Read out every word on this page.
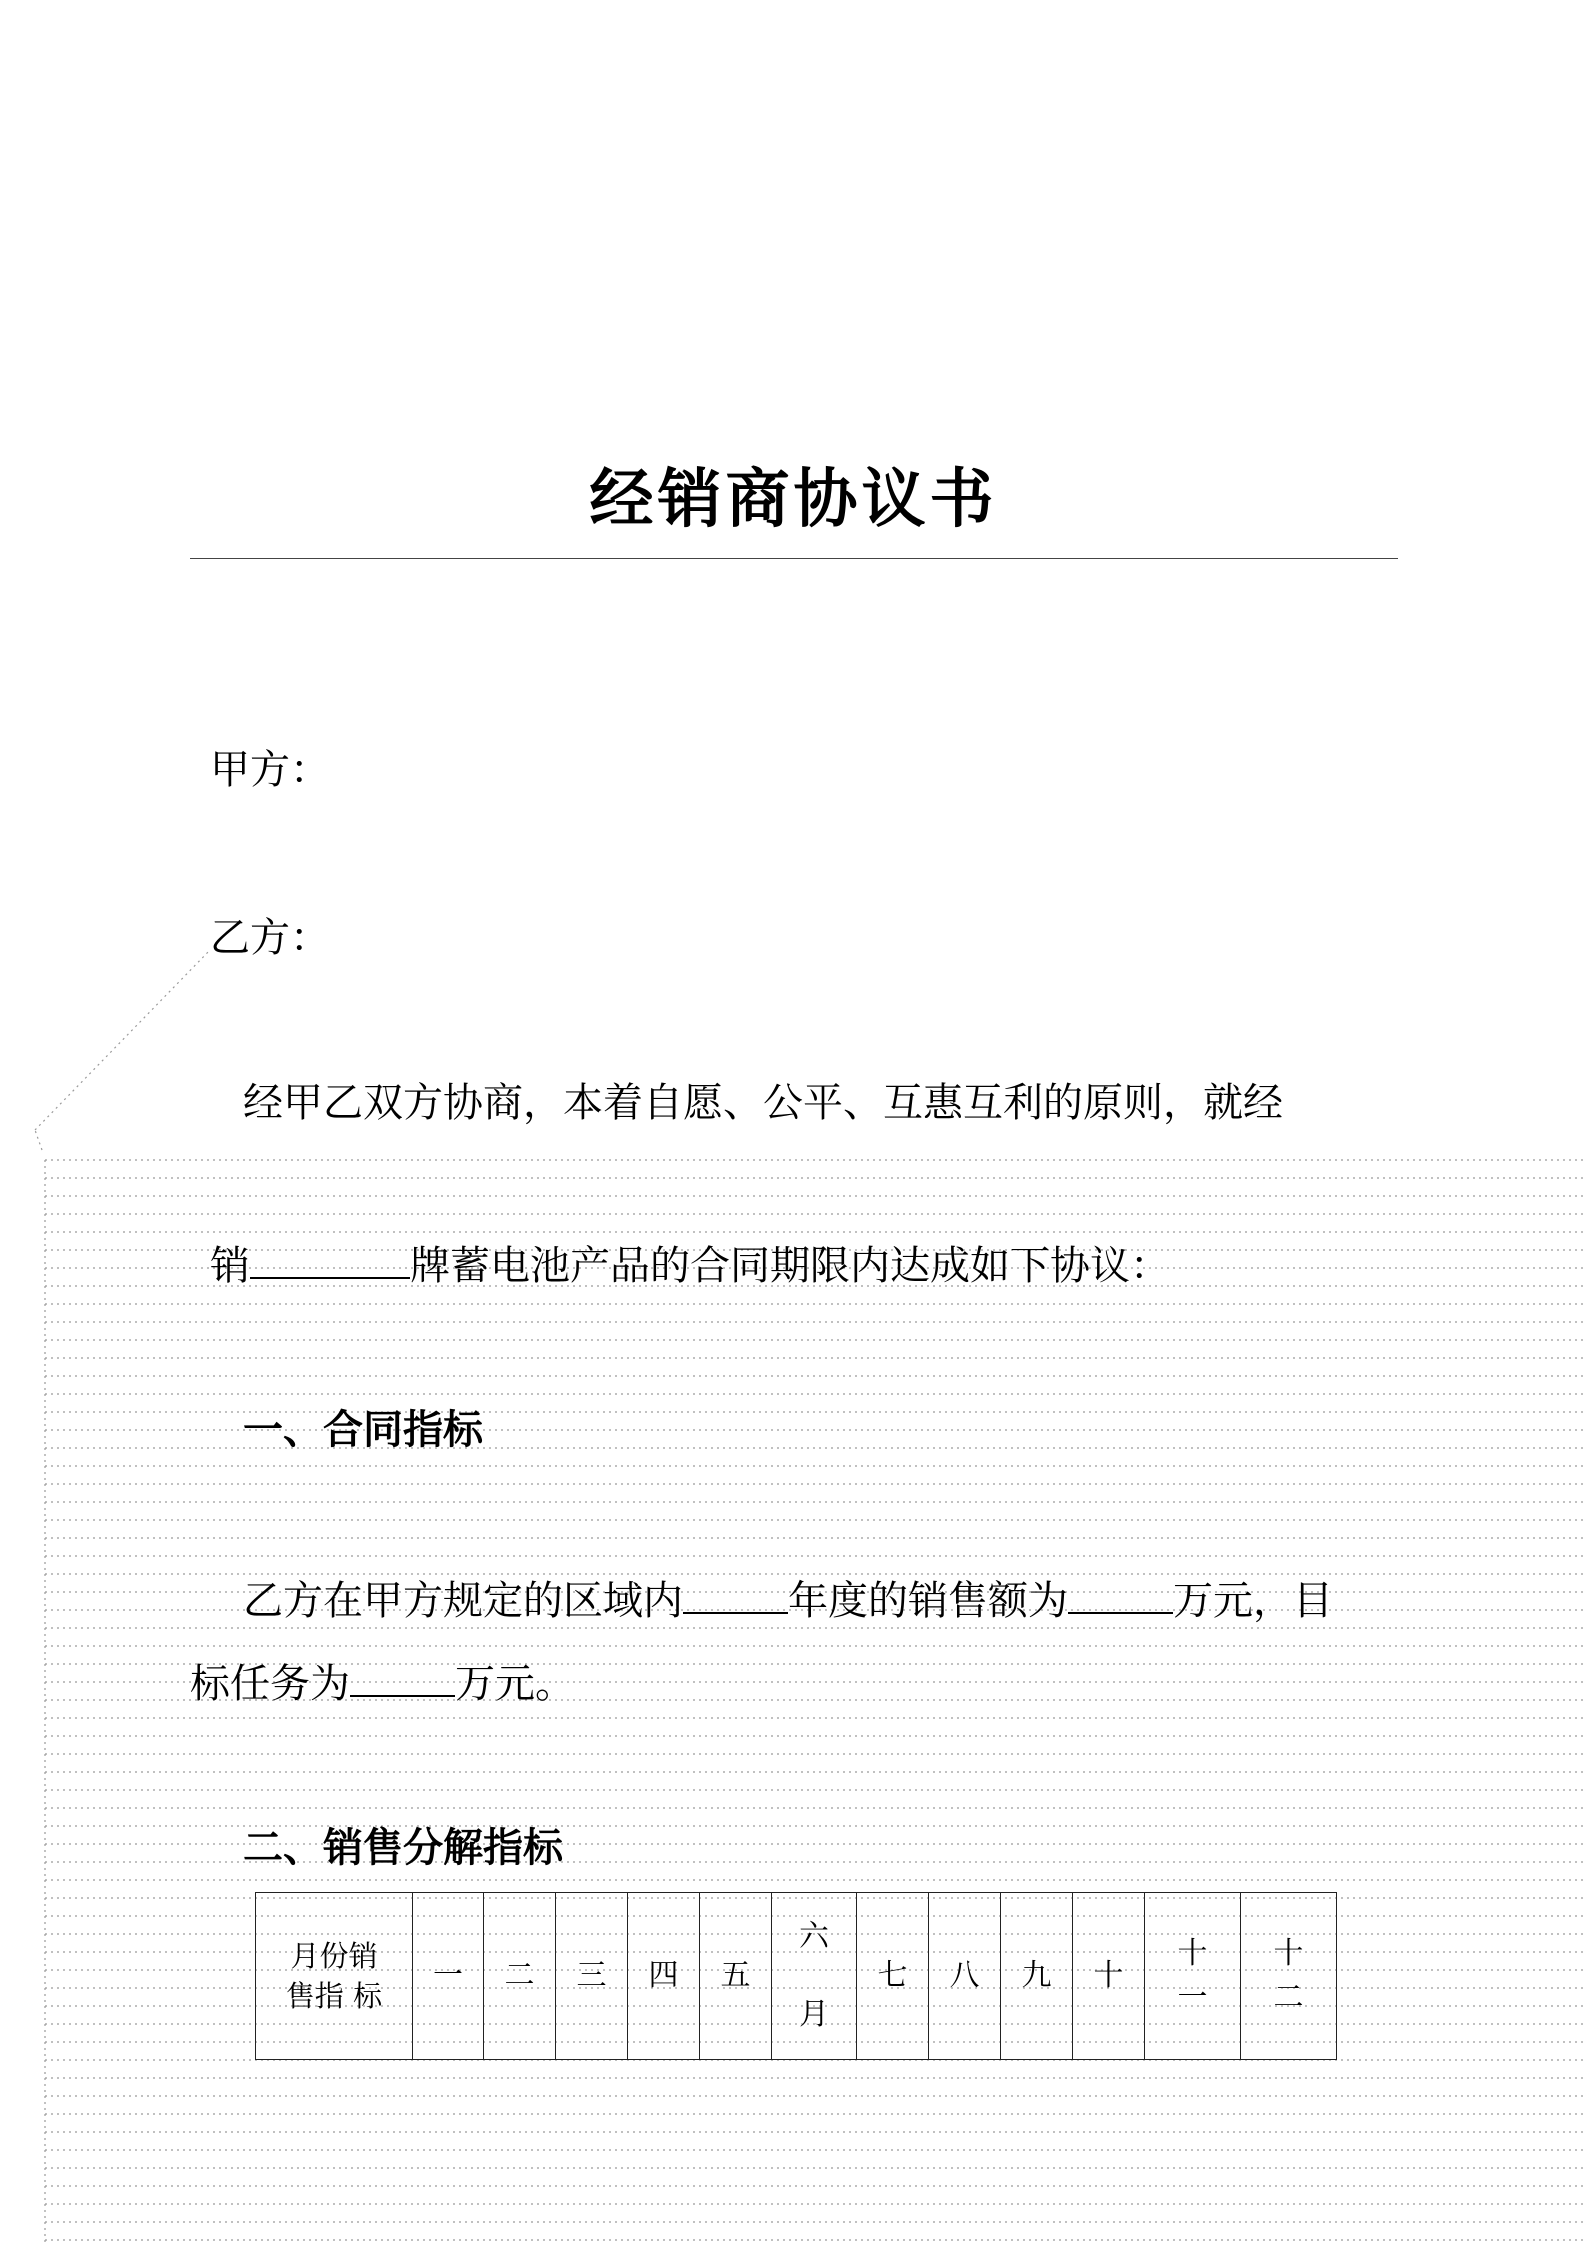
经销商协议书
甲方：
乙方：
经甲乙双方协商，本着自愿、公平、互惠互利的原则，就经
销	牌蓄电池产品的合同期限内达成如下协议：
一、合同指标
乙方在甲方规定的区域内	年度的销售额为	万元，目
标任务为	万元。
二、销售分解指标
月份销
售指 标
	一	二	三	四	五	六月	七	八	九	十	十一	十二
